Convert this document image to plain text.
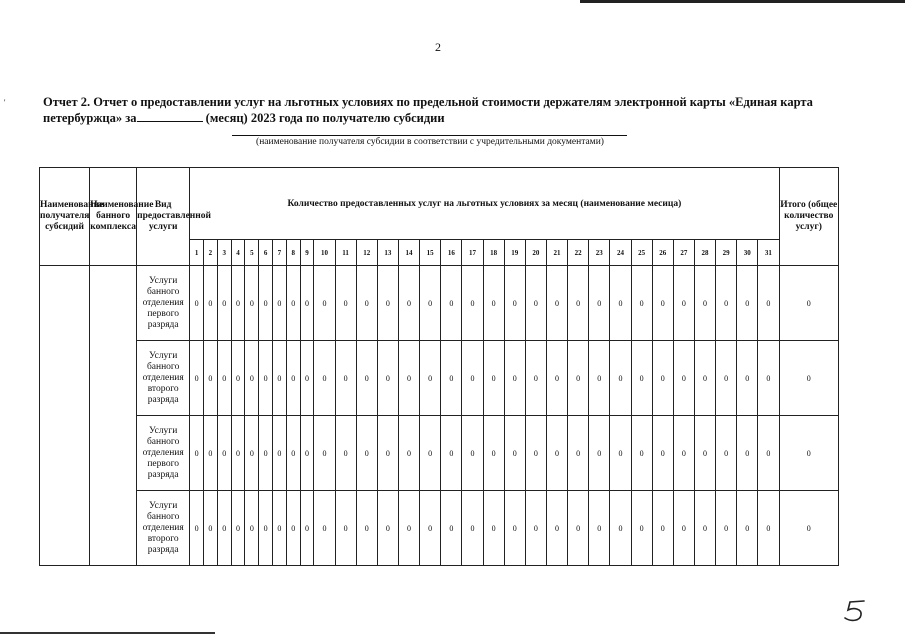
2
'	Отчет 2. Отчет о предоставлении услуг на льготных условиях по предельной стоимости держателям электронной карты «Единая карта петербуржца» за	(месяц) 2023 года по получателю субсидии
(наименование получателя субсидии в соответствии с учредительными документами)
Наименование получателя субсидий	Наименование банного комплекса	Вид предоставленной услуги	Количество предоставленных услуг на льготных условиях за месяц (наименование месица)																															Итого (общее количество услуг)
			1	2	3	4	5	6	7	8	9	10	11	12	13	14	15	16	17	18	19	20	21	22	23	24	25	26	27	28	29	30	31	
		Услуги банного отделения первого разряда	0	0	0	0	0	0	0	0	0	0	0	0	0	0	0	0	0	0	0	0	0	0	0	0	0	0	0	0	0	0	0	0
		Услуги банного отделения второго разряда	0	0	0	0	0	0	0	0	0	0	0	0	0	0	0	0	0	0	0	0	0	0	0	0	0	0	0	0	0	0	0	0
		Услуги банного отделения первого разряда	0	0	0	0	0	0	0	0	0	0	0	0	0	0	0	0	0	0	0	0	0	0	0	0	0	0	0	0	0	0	0	0
		Услуги банного отделения второго разряда	0	0	0	0	0	0	0	0	0	0	0	0	0	0	0	0	0	0	0	0	0	0	0	0	0	0	0	0	0	0	0	0
